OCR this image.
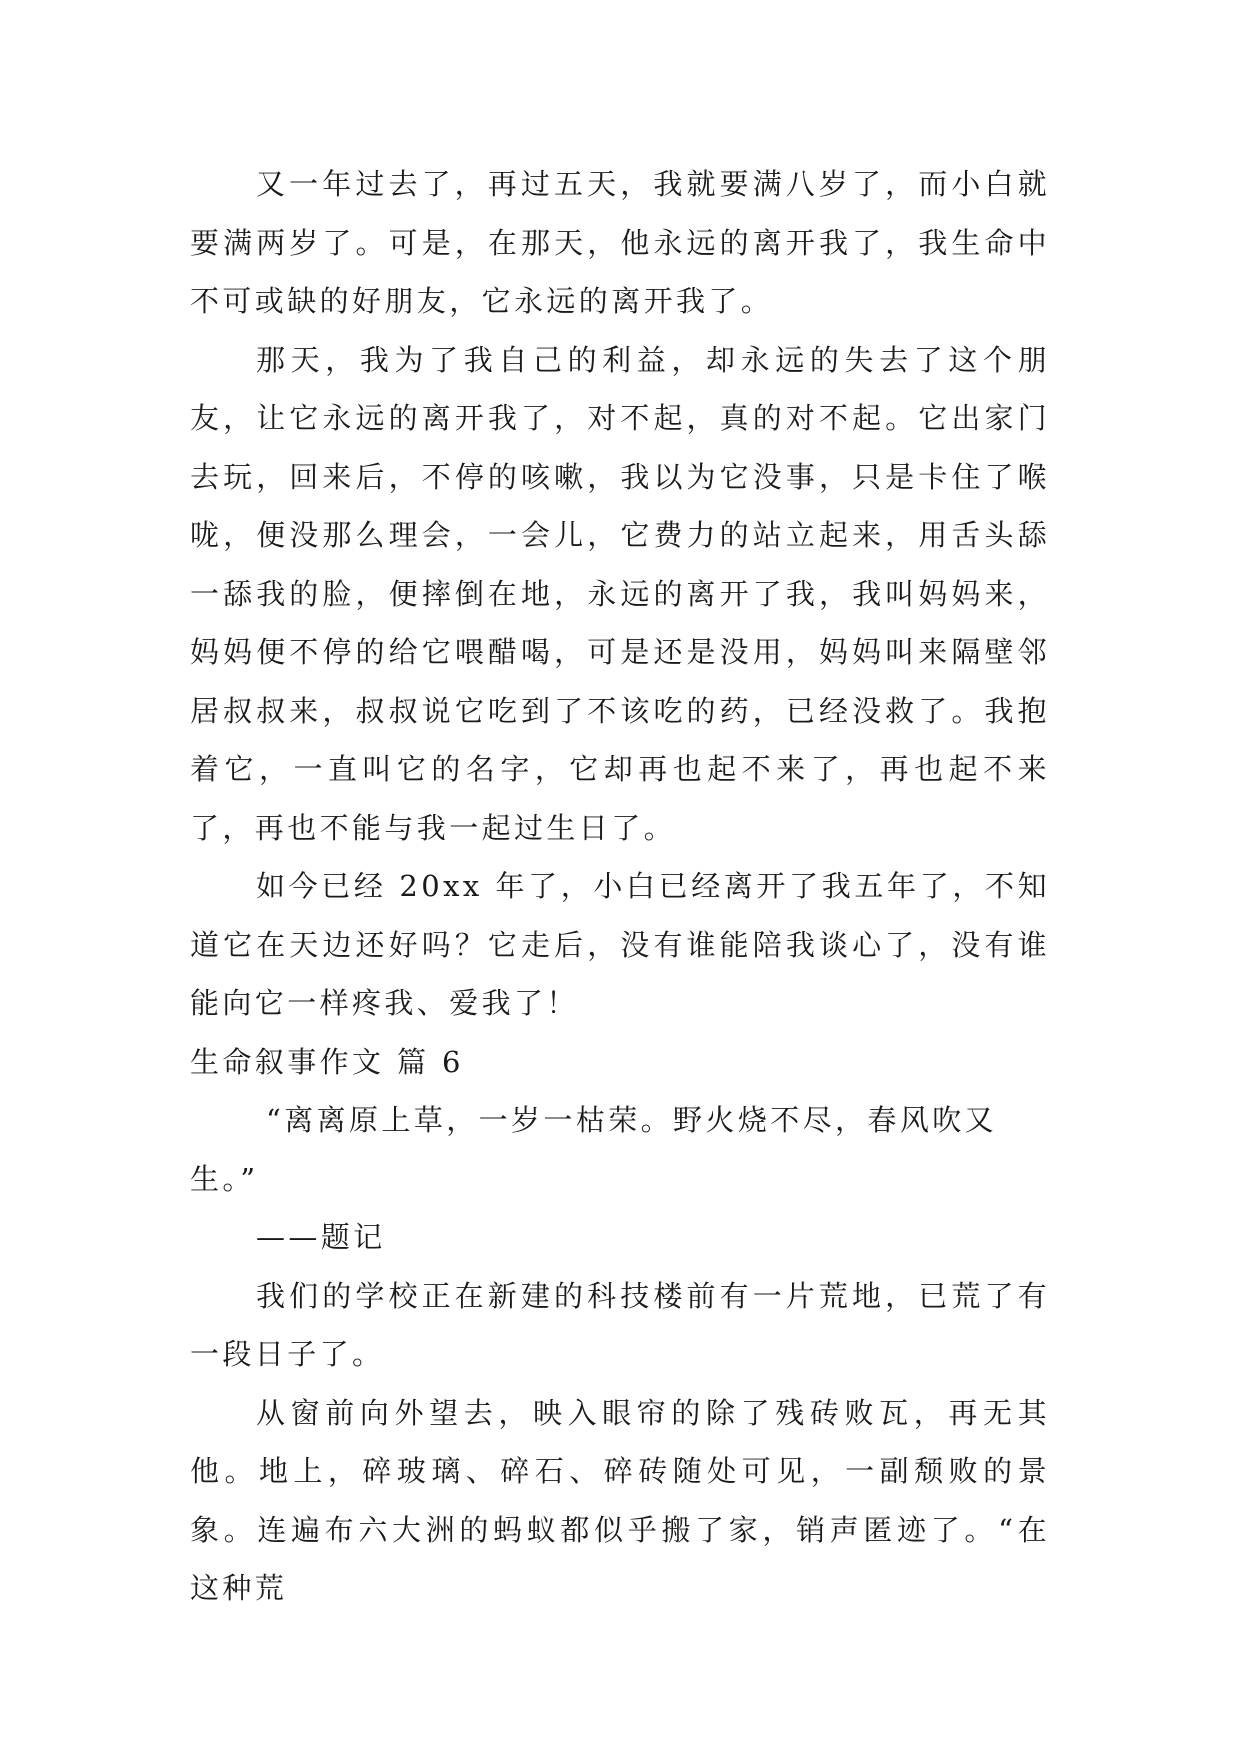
又一年过去了，再过五天，我就要满八岁了，而小白就要满两岁了。可是，在那天，他永远的离开我了，我生命中不可或缺的好朋友，它永远的离开我了。

那天，我为了我自己的利益，却永远的失去了这个朋友，让它永远的离开我了，对不起，真的对不起。它出家门去玩，回来后，不停的咳嗽，我以为它没事，只是卡住了喉咙，便没那么理会，一会儿，它费力的站立起来，用舌头舔一舔我的脸，便摔倒在地，永远的离开了我，我叫妈妈来，妈妈便不停的给它喂醋喝，可是还是没用，妈妈叫来隔壁邻居叔叔来，叔叔说它吃到了不该吃的药，已经没救了。我抱着它，一直叫它的名字，它却再也起不来了，再也起不来了，再也不能与我一起过生日了。

如今已经 20xx 年了，小白已经离开了我五年了，不知道它在天边还好吗？它走后，没有谁能陪我谈心了，没有谁能向它一样疼我、爱我了！

生命叙事作文 篇 6

“离离原上草，一岁一枯荣。野火烧不尽，春风吹又生。”

——题记

我们的学校正在新建的科技楼前有一片荒地，已荒了有一段日子了。

从窗前向外望去，映入眼帘的除了残砖败瓦，再无其他。地上，碎玻璃、碎石、碎砖随处可见，一副颓败的景象。连遍布六大洲的蚂蚁都似乎搬了家，销声匿迹了。“在这种荒
